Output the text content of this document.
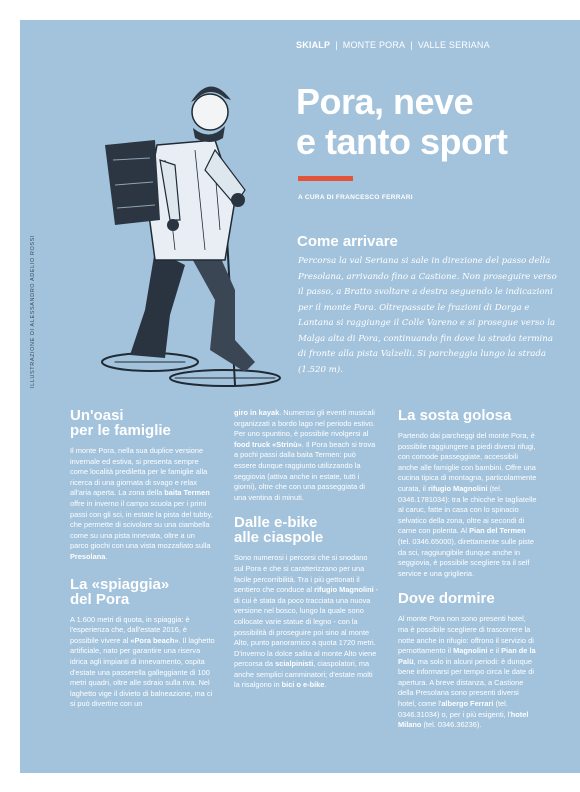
SKIALP | MONTE PORA | VALLE SERIANA
Pora, neve
e tanto sport
A CURA DI FRANCESCO FERRARI
Come arrivare

Percorsa la val Seriana si sale in direzione del passo della Presolana, arrivando fino a Castione. Non proseguire verso il passo, a Bratto svoltare a destra seguendo le indicazioni per il monte Pora. Oltrepassate le frazioni di Dorga e Lantana si raggiunge il Colle Vareno e si prosegue verso la Malga alta di Pora, continuando fin dove la strada termina di fronte alla pista Valzelli. Si parcheggia lungo la strada (1.520 m).

ILLUSTRAZIONE DI ALESSANDRO ADELIO ROSSI
Un'oasi
per le famiglie

Il monte Pora, nella sua duplice versione invernale ed estiva, si presenta sempre come località prediletta per le famiglie alla ricerca di una giornata di svago e relax all'aria aperta. La zona della baita Termen offre in inverno il campo scuola per i primi passi con gli sci, in estate la pista del tubby, che permette di scivolare su una ciambella come su una pista innevata, oltre a un parco giochi con una vista mozzafiato sulla Presolana.

La «spiaggia»
del Pora

A 1.600 metri di quota, in spiaggia: è l'esperienza che, dall'estate 2016, è possibile vivere al «Pora beach». Il laghetto artificiale, nato per garantire una riserva idrica agli impianti di innevamento, ospita d'estate una passerella galleggiante di 100 metri quadri, oltre alle sdraio sulla riva. Nel laghetto vige il divieto di balneazione, ma ci si può divertire con un

giro in kayak. Numerosi gli eventi musicali organizzati a bordo lago nel periodo estivo. Per uno spuntino, è possibile rivolgersi al food truck «Strinù». Il Pora beach si trova a pochi passi dalla baita Termen: può essere dunque raggiunto utilizzando la seggiovia (attiva anche in estate, tutti i giorni), oltre che con una passeggiata di una ventina di minuti.

Dalle e-bike
alle ciaspole

Sono numerosi i percorsi che si snodano sul Pora e che si caratterizzano per una facile percorribilità. Tra i più gettonati il sentiero che conduce al rifugio Magnolini - di cui è stata da poco tracciata una nuova versione nel bosco, lungo la quale sono collocate varie statue di legno - con la possibilità di proseguire poi sino al monte Alto, punto panoramico a quota 1720 metri. D'inverno la dolce salita al monte Alto viene percorsa da scialpinisti, ciaspolatori, ma anche semplici camminatori; d'estate molti la risalgono in bici o e-bike.

La sosta golosa

Partendo dai parcheggi del monte Pora, è possibile raggiungere a piedi diversi rifugi, con comode passeggiate, accessibili anche alle famiglie con bambini. Offre una cucina tipica di montagna, particolarmente curata, il rifugio Magnolini (tel. 0346.1781034): tra le chicche le tagliatelle al caruc, fatte in casa con lo spinacio selvatico della zona, oltre ai secondi di carne con polenta. Al Pian del Termen (tel. 0346.65000), direttamente sulle piste da sci, raggiungibile dunque anche in seggiovia, è possibile scegliere tra il self service e una griglieria.

Dove dormire

Al monte Pora non sono presenti hotel, ma è possibile scegliere di trascorrere la notte anche in rifugio: offrono il servizio di pernottamento il Magnolini e il Pian de la Palü, ma solo in alcuni periodi: è dunque bene informarsi per tempo circa le date di apertura. A breve distanza, a Castione della Presolana sono presenti diversi hotel, come l'albergo Ferrari (tel. 0346.31034) o, per i più esigenti, l'hotel Milano (tel. 0346.36236).
